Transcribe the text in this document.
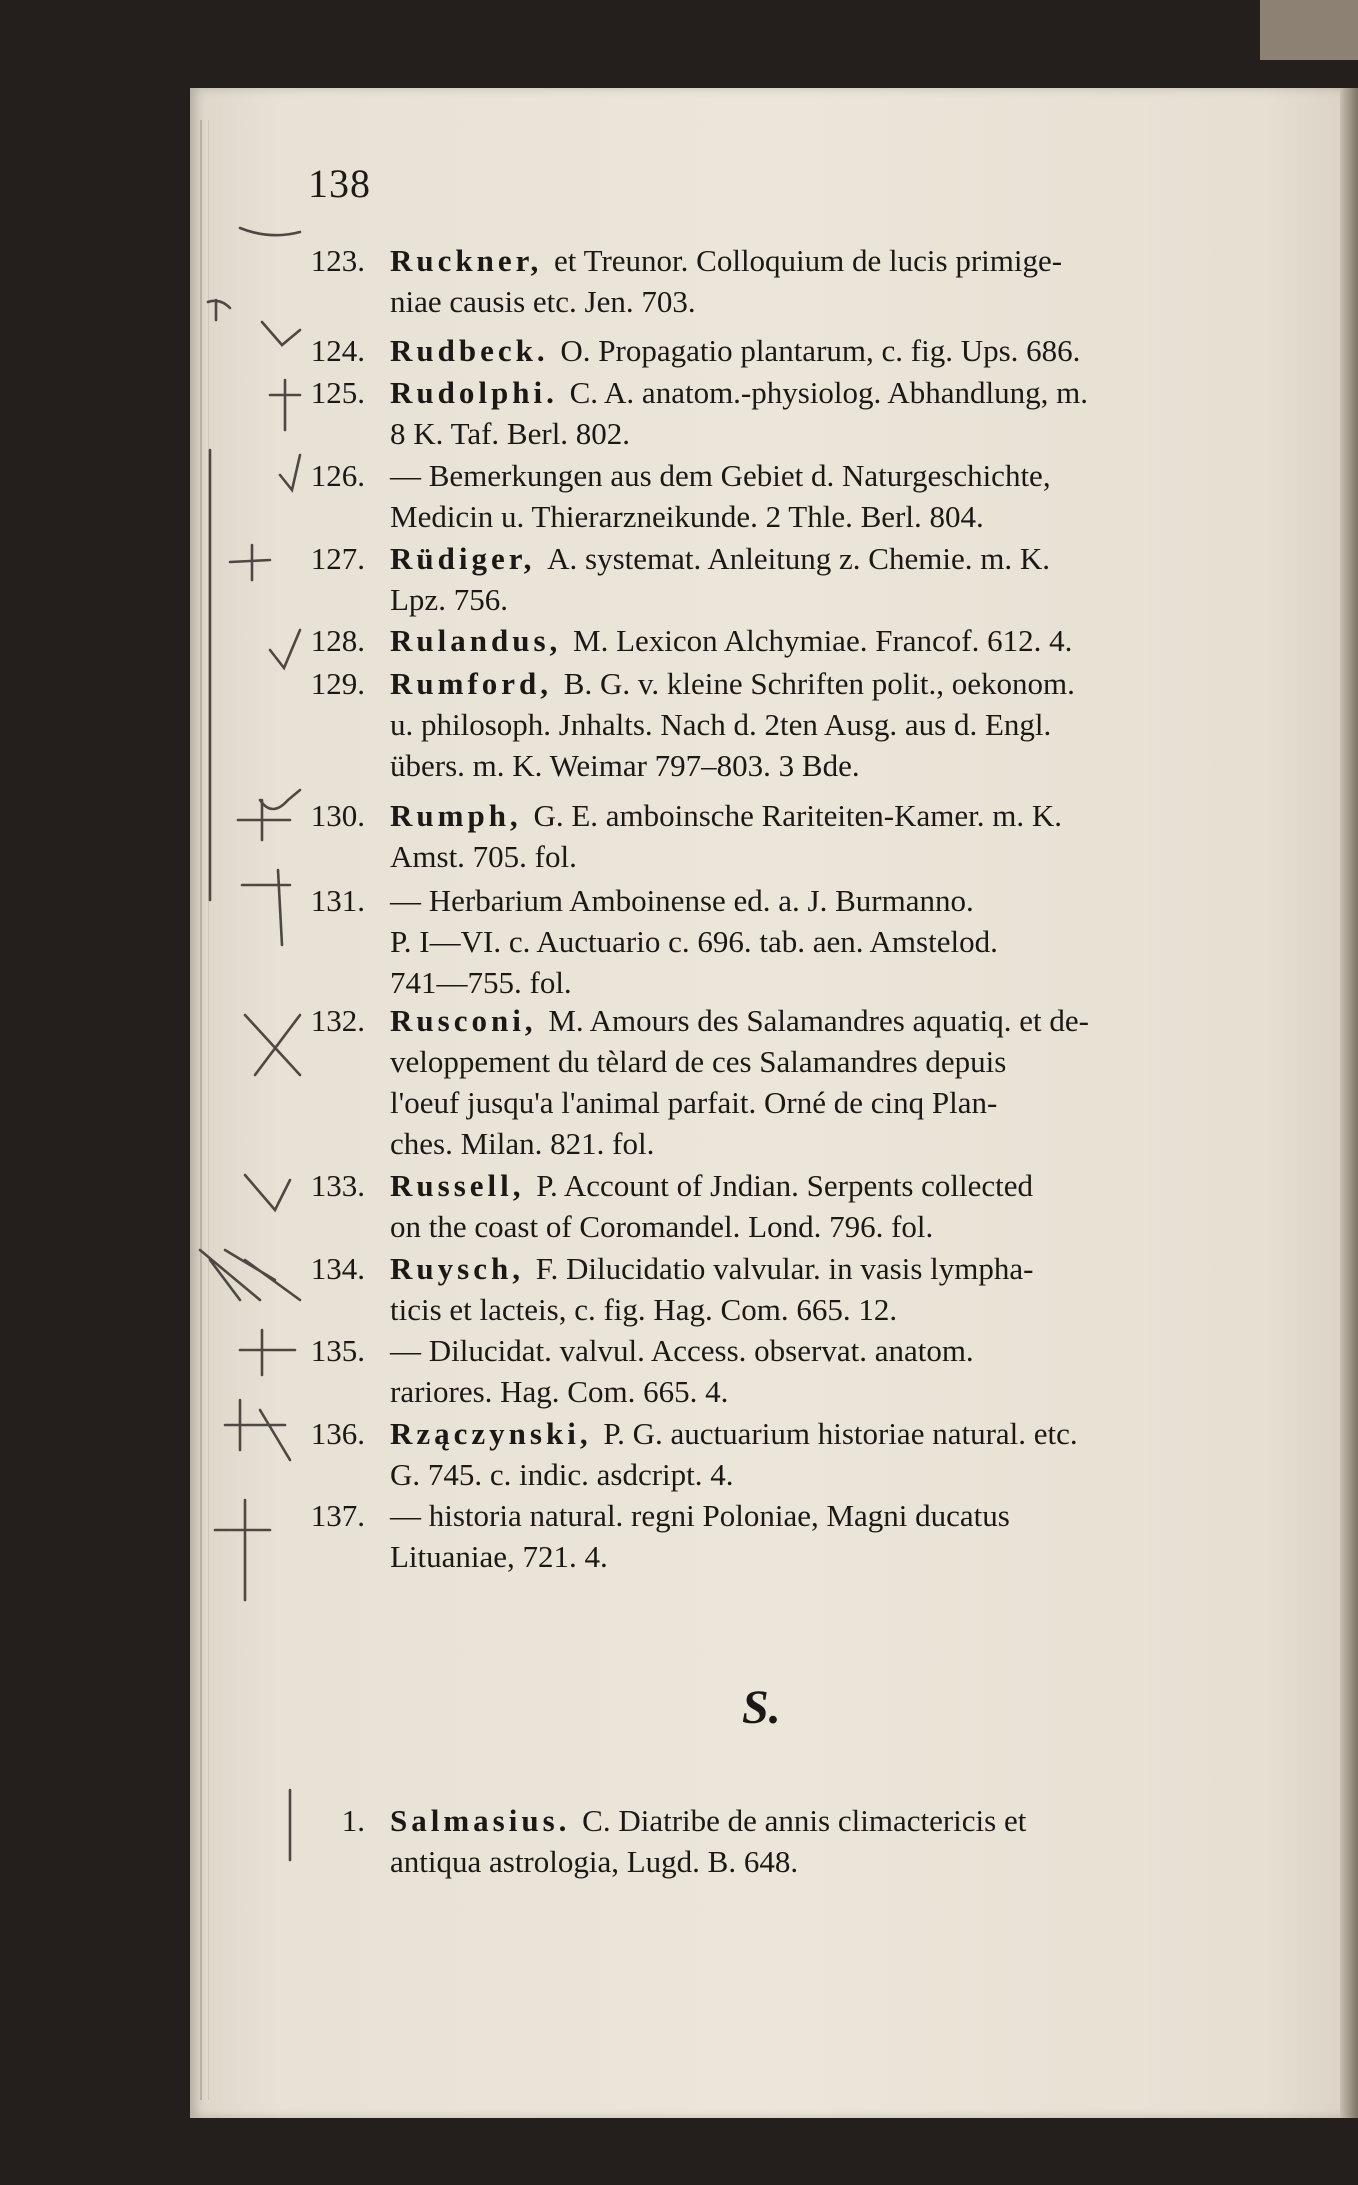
138
123. Ruckner, et Treunor. Colloquium de lucis primige-
niae causis etc. Jen. 703.
124. Rudbeck. O. Propagatio plantarum, c. fig. Ups. 686.
125. Rudolphi. C. A. anatom.-physiolog. Abhandlung, m.
8 K. Taf. Berl. 802.
126. — Bemerkungen aus dem Gebiet d. Naturgeschichte,
Medicin u. Thierarzneikunde. 2 Thle. Berl. 804.
127. Rüdiger, A. systemat. Anleitung z. Chemie. m. K.
Lpz. 756.
128. Rulandus, M. Lexicon Alchymiae. Francof. 612. 4.
129. Rumford, B. G. v. kleine Schriften polit., oekonom.
u. philosoph. Jnhalts. Nach d. 2ten Ausg. aus d. Engl.
übers. m. K. Weimar 797–803. 3 Bde.
130. Rumph, G. E. amboinsche Rariteiten-Kamer. m. K.
Amst. 705. fol.
131. — Herbarium Amboinense ed. a. J. Burmanno.
P. I—VI. c. Auctuario c. 696. tab. aen. Amstelod.
741—755. fol.
132. Rusconi, M. Amours des Salamandres aquatiq. et de-
veloppement du tèlard de ces Salamandres depuis
l'oeuf jusqu'a l'animal parfait. Orné de cinq Plan-
ches. Milan. 821. fol.
133. Russell, P. Account of Jndian. Serpents collected
on the coast of Coromandel. Lond. 796. fol.
134. Ruysch, F. Dilucidatio valvular. in vasis lympha-
ticis et lacteis, c. fig. Hag. Com. 665. 12.
135. — Dilucidat. valvul. Access. observat. anatom.
rariores. Hag. Com. 665. 4.
136. Rzączynski, P. G. auctuarium historiae natural. etc.
G. 745. c. indic. asdcript. 4.
137. — historia natural. regni Poloniae, Magni ducatus
Lituaniae, 721. 4.
S.
1. Salmasius. C. Diatribe de annis climactericis et
antiqua astrologia, Lugd. B. 648.
